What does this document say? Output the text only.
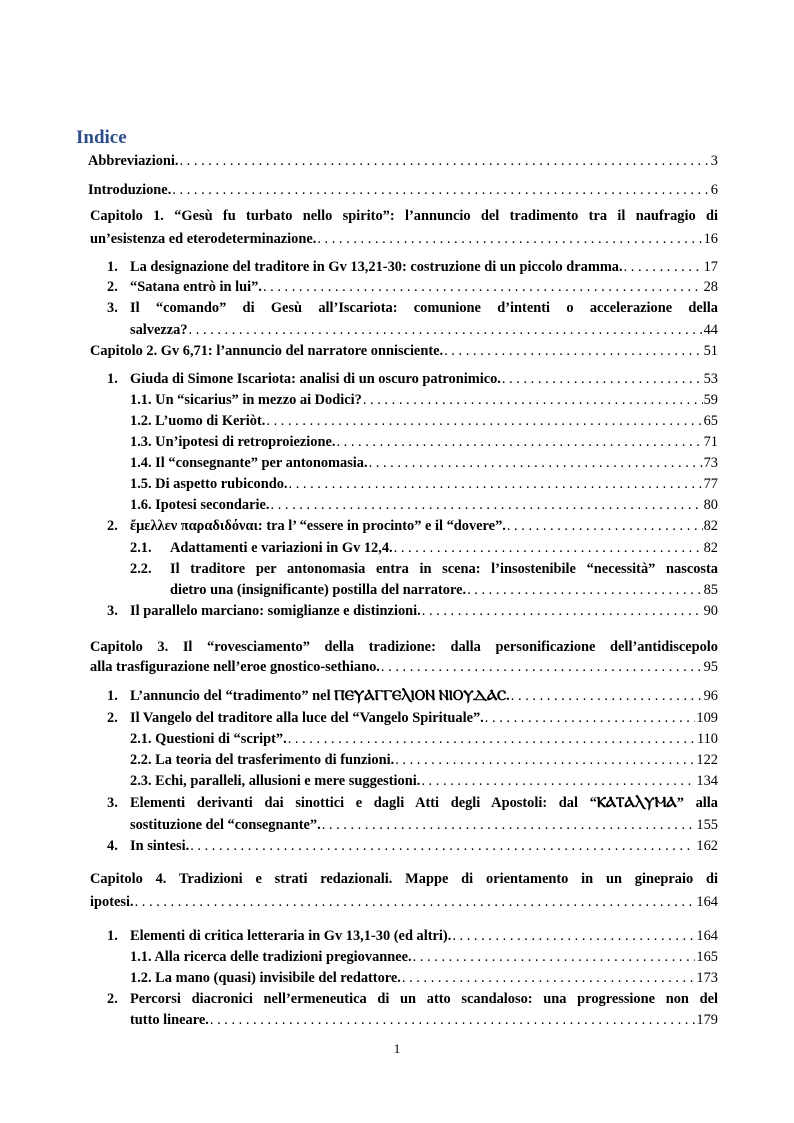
Indice
Abbreviazioni. . . .	3
Introduzione. . . .	6
Capitolo 1. “Gesù fu turbato nello spirito”: l’annuncio del tradimento tra il naufragio di
un’esistenza ed eterodeterminazione. . . .	16
1. La designazione del traditore in Gv 13,21-30: costruzione di un piccolo dramma. . . .	17
2. “Satana entrò in lui”. . . .	28
3. Il “comando” di Gesù all’Iscariota: comunione d’intenti o accelerazione della
salvezza? . . .	44
Capitolo 2. Gv 6,71: l’annuncio del narratore onnisciente. . . .	51
1. Giuda di Simone Iscariota: analisi di un oscuro patronimico. . . .	53
1.1. Un “sicarius” in mezzo ai Dodici? . . .	59
1.2. L’uomo di Keriòt. . . .	65
1.3. Un’ipotesi di retroproiezione. . . .	71
1.4. Il “consegnante” per antonomasia. . . .	73
1.5. Di aspetto rubicondo. . . .	77
1.6. Ipotesi secondarie. . . .	80
2. ἔμελλεν παραδιδόναι: tra l’ “essere in procinto” e il “dovere”. . . .	82
2.1. Adattamenti e variazioni in Gv 12,4. . . .	82
2.2. Il traditore per antonomasia entra in scena: l’insostenibile “necessità” nascosta
dietro una (insignificante) postilla del narratore. . . .	85
3. Il parallelo marciano: somiglianze e distinzioni. . . .	90
Capitolo 3. Il “rovesciamento” della tradizione: dalla personificazione dell’antidiscepolo
alla trasfigurazione nell’eroe gnostico-sethiano. . . .	95
1. L’annuncio del “tradimento” nel ⲠⲈⲨⲀⲄⲄⲈⲖⲒⲞⲚ ⲚⲒⲞⲨⲆⲀⲤ. . . .	96
2. Il Vangelo del traditore alla luce del “Vangelo Spirituale”. . . .	109
2.1. Questioni di “script”. . . .	110
2.2. La teoria del trasferimento di funzioni. . . .	122
2.3. Echi, paralleli, allusioni e mere suggestioni. . . .	134
3. Elementi derivanti dai sinottici e dagli Atti degli Apostoli: dal “ⲔⲀⲦⲀⲖⲨⲘⲀ” alla
sostituzione del “consegnante”. . . .	155
4. In sintesi. . . .	162
Capitolo 4. Tradizioni e strati redazionali. Mappe di orientamento in un ginepraio di
ipotesi. . . .	164
1. Elementi di critica letteraria in Gv 13,1-30 (ed altri). . . .	164
1.1. Alla ricerca delle tradizioni pregiovannee. . . .	165
1.2. La mano (quasi) invisibile del redattore. . . .	173
2. Percorsi diacronici nell’ermeneutica di un atto scandaloso: una progressione non del
tutto lineare. . . .	179
1
